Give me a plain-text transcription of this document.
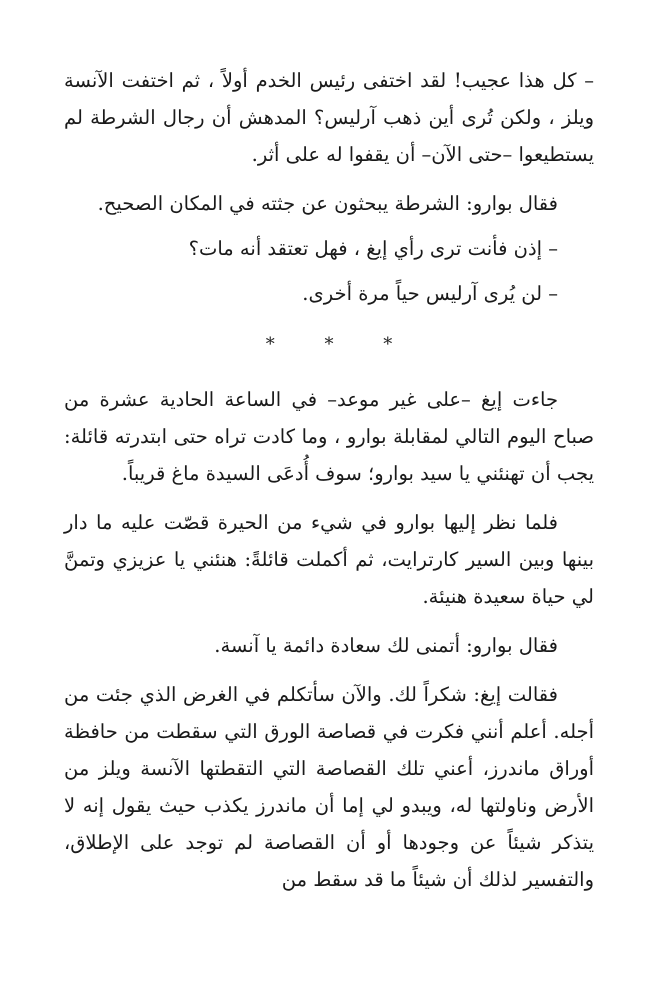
– كل هذا عجيب! لقد اختفى رئيس الخدم أولاً ، ثم اختفت الآنسة ويلز ، ولكن تُرى أين ذهب آرليس؟ المدهش أن رجال الشرطة لم يستطيعوا –حتى الآن– أن يقفوا له على أثر.

فقال بوارو: الشرطة يبحثون عن جثته في المكان الصحيح.

– إذن فأنت ترى رأي إيغ ، فهل تعتقد أنه مات؟

– لن يُرى آرليس حياً مرة أخرى.

* * *

جاءت إيغ –على غير موعد– في الساعة الحادية عشرة من صباح اليوم التالي لمقابلة بوارو ، وما كادت تراه حتى ابتدرته قائلة: يجب أن تهنئني يا سيد بوارو؛ سوف أُدعَى السيدة ماغ قريباً.

فلما نظر إليها بوارو في شيء من الحيرة قصّت عليه ما دار بينها وبين السير كارترايت، ثم أكملت قائلةً: هنئني يا عزيزي وتمنَّ لي حياة سعيدة هنيئة.

فقال بوارو: أتمنى لك سعادة دائمة يا آنسة.

فقالت إيغ: شكراً لك. والآن سأتكلم في الغرض الذي جئت من أجله. أعلم أنني فكرت في قصاصة الورق التي سقطت من حافظة أوراق ماندرز، أعني تلك القصاصة التي التقطتها الآنسة ويلز من الأرض وناولتها له، ويبدو لي إما أن ماندرز يكذب حيث يقول إنه لا يتذكر شيئاً عن وجودها أو أن القصاصة لم توجد على الإطلاق، والتفسير لذلك أن شيئاً ما قد سقط من
